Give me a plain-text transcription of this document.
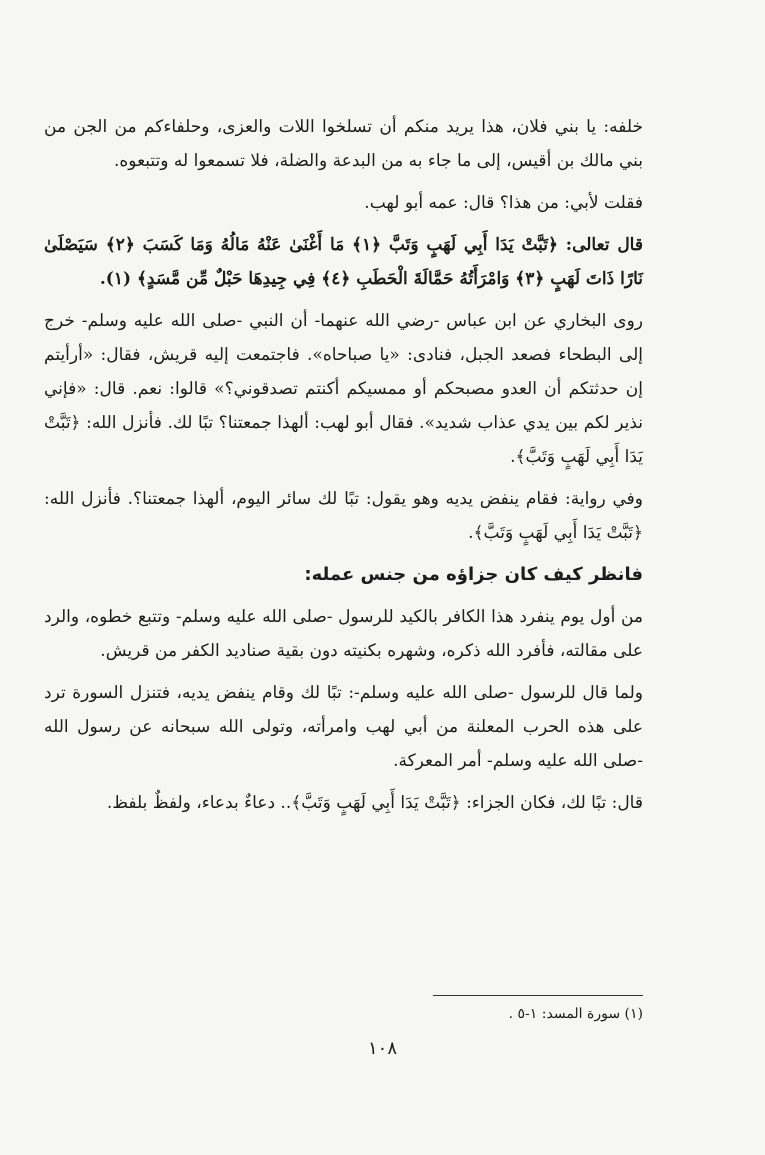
خلفه: يا بني فلان، هذا يريد منكم أن تسلخوا اللات والعزى، وحلفاءكم من الجن من بني مالك بن أقيس، إلى ما جاء به من البدعة والضلة، فلا تسمعوا له وتتبعوه.

فقلت لأبي: من هذا؟ قال: عمه أبو لهب.

قال تعالى: ﴿تَبَّتْ يَدَا أَبِي لَهَبٍ وَتَبَّ ﴿١﴾ مَا أَغْنَىٰ عَنْهُ مَالُهُ وَمَا كَسَبَ ﴿٢﴾ سَيَصْلَىٰ نَارًا ذَاتَ لَهَبٍ ﴿٣﴾ وَامْرَأَتُهُ حَمَّالَةَ الْحَطَبِ ﴿٤﴾ فِي جِيدِهَا حَبْلٌ مِّن مَّسَدٍ﴾ (١).

روى البخاري عن ابن عباس -رضي الله عنهما- أن النبي -صلى الله عليه وسلم- خرج إلى البطحاء فصعد الجبل، فنادى: «يا صباحاه». فاجتمعت إليه قريش، فقال: «أرأيتم إن حدثتكم أن العدو مصبحكم أو ممسيكم أكنتم تصدقوني؟» قالوا: نعم. قال: «فإني نذير لكم بين يدي عذاب شديد». فقال أبو لهب: ألهذا جمعتنا؟ تبًا لك. فأنزل الله: ﴿تَبَّتْ يَدَا أَبِي لَهَبٍ وَتَبَّ﴾.

وفي رواية: فقام ينفض يديه وهو يقول: تبًا لك سائر اليوم، ألهذا جمعتنا؟. فأنزل الله: ﴿تَبَّتْ يَدَا أَبِي لَهَبٍ وَتَبَّ﴾.

فانظر كيف كان جزاؤه من جنس عمله:

من أول يوم ينفرد هذا الكافر بالكيد للرسول -صلى الله عليه وسلم- وتتبع خطوه، والرد على مقالته، فأفرد الله ذكره، وشهره بكنيته دون بقية صناديد الكفر من قريش.

ولما قال للرسول -صلى الله عليه وسلم-: تبًا لك وقام ينفض يديه، فتنزل السورة ترد على هذه الحرب المعلنة من أبي لهب وامرأته، وتولى الله سبحانه عن رسول الله -صلى الله عليه وسلم- أمر المعركة.

قال: تبًا لك، فكان الجزاء: ﴿تَبَّتْ يَدَا أَبِي لَهَبٍ وَتَبَّ﴾.. دعاءٌ بدعاء، ولفظٌ بلفظ.

(١) سورة المسد: ١-٥ .
١٠٨
